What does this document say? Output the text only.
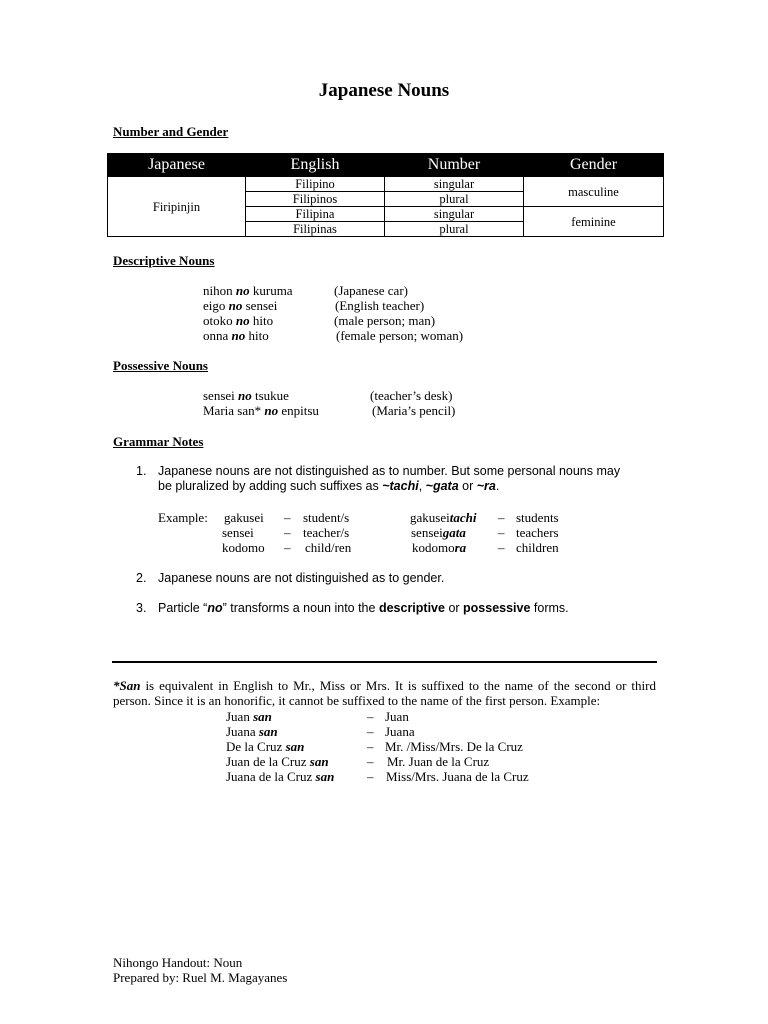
Japanese Nouns
Number and Gender
Japanese	English	Number	Gender
Firipinjin	Filipino	singular	masculine
	Filipinos	plural	
	Filipina	singular	feminine
	Filipinas	plural	
Descriptive Nouns
nihon no kuruma	(Japanese car)
eigo no sensei	(English teacher)
otoko no hito	(male person; man)
onna no hito	(female person; woman)
Possessive Nouns
sensei no tsukue	(teacher’s desk)
Maria san* no enpitsu	(Maria’s pencil)
Grammar Notes
1. Japanese nouns are not distinguished as to number. But some personal nouns may
be pluralized by adding such suffixes as ~tachi, ~gata or ~ra.
Example: gakusei – student/s	gakuseitachi – students
sensei – teacher/s	senseigata – teachers
kodomo – child/ren	kodomora – children
2. Japanese nouns are not distinguished as to gender.
3. Particle “no” transforms a noun into the descriptive or possessive forms.
*San is equivalent in English to Mr., Miss or Mrs. It is suffixed to the name of the second or third person. Since it is an honorific, it cannot be suffixed to the name of the first person. Example:
Juan san	– Juan
Juana san	– Juana
De la Cruz san	– Mr. /Miss/Mrs. De la Cruz
Juan de la Cruz san	– Mr. Juan de la Cruz
Juana de la Cruz san	– Miss/Mrs. Juana de la Cruz
Nihongo Handout: Noun
Prepared by: Ruel M. Magayanes
